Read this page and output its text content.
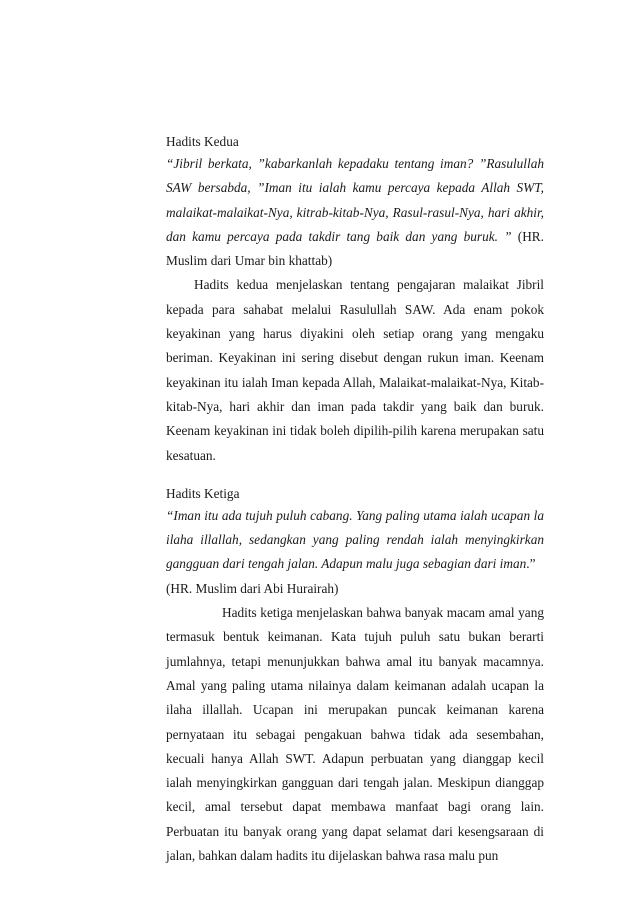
Hadits Kedua

“Jibril berkata, ”kabarkanlah kepadaku tentang iman? ”Rasulullah SAW bersabda, ”Iman itu ialah kamu percaya kepada Allah SWT, malaikat-malaikat-Nya, kitrab-kitab-Nya, Rasul-rasul-Nya, hari akhir, dan kamu percaya pada takdir tang baik dan yang buruk. ” (HR. Muslim dari Umar bin khattab)

Hadits kedua menjelaskan tentang pengajaran malaikat Jibril kepada para sahabat melalui Rasulullah SAW. Ada enam pokok keyakinan yang harus diyakini oleh setiap orang yang mengaku beriman. Keyakinan ini sering disebut dengan rukun iman. Keenam keyakinan itu ialah Iman kepada Allah, Malaikat-malaikat-Nya, Kitab-kitab-Nya, hari akhir dan iman pada takdir yang baik dan buruk. Keenam keyakinan ini tidak boleh dipilih-pilih karena merupakan satu kesatuan.

Hadits Ketiga

“Iman itu ada tujuh puluh cabang. Yang paling utama ialah ucapan la ilaha illallah, sedangkan yang paling rendah ialah menyingkirkan gangguan dari tengah jalan. Adapun malu juga sebagian dari iman.”

(HR. Muslim dari Abi Hurairah)

Hadits ketiga menjelaskan bahwa banyak macam amal yang termasuk bentuk keimanan. Kata tujuh puluh satu bukan berarti jumlahnya, tetapi menunjukkan bahwa amal itu banyak macamnya. Amal yang paling utama nilainya dalam keimanan adalah ucapan la ilaha illallah. Ucapan ini merupakan puncak keimanan karena pernyataan itu sebagai pengakuan bahwa tidak ada sesembahan, kecuali hanya Allah SWT. Adapun perbuatan yang dianggap kecil ialah menyingkirkan gangguan dari tengah jalan. Meskipun dianggap kecil, amal tersebut dapat membawa manfaat bagi orang lain. Perbuatan itu banyak orang yang dapat selamat dari kesengsaraan di jalan, bahkan dalam hadits itu dijelaskan bahwa rasa malu pun
